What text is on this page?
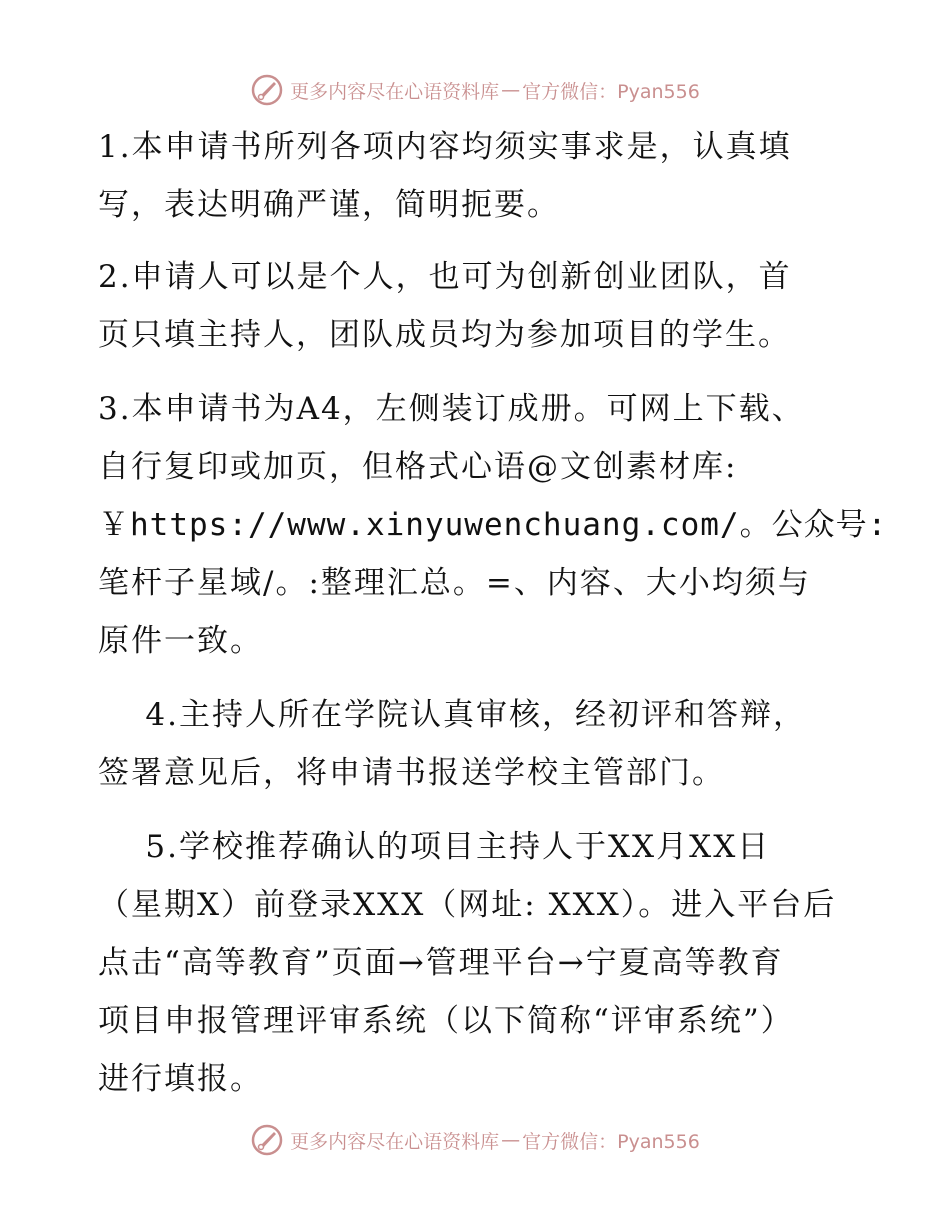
更多内容尽在心语资料库 — 官方微信：Pyan556
1.本申请书所列各项内容均须实事求是，认真填
写，表达明确严谨，简明扼要。
2.申请人可以是个人，也可为创新创业团队，首
页只填主持人，团队成员均为参加项目的学生。
3.本申请书为A4，左侧装订成册。可网上下载、
自行复印或加页，但格式心语@文创素材库:
￥https://www.xinyuwenchuang.com/。公众号:
笔杆子星域/。:整理汇总。=、内容、大小均须与
原件一致。
4.主持人所在学院认真审核，经初评和答辩，
签署意见后，将申请书报送学校主管部门。
5.学校推荐确认的项目主持人于XX月XX日
（星期X）前登录XXX（网址: XXX）。进入平台后
点击“高等教育”页面→管理平台→宁夏高等教育
项目申报管理评审系统（以下简称“评审系统”）
进行填报。
更多内容尽在心语资料库 — 官方微信：Pyan556
